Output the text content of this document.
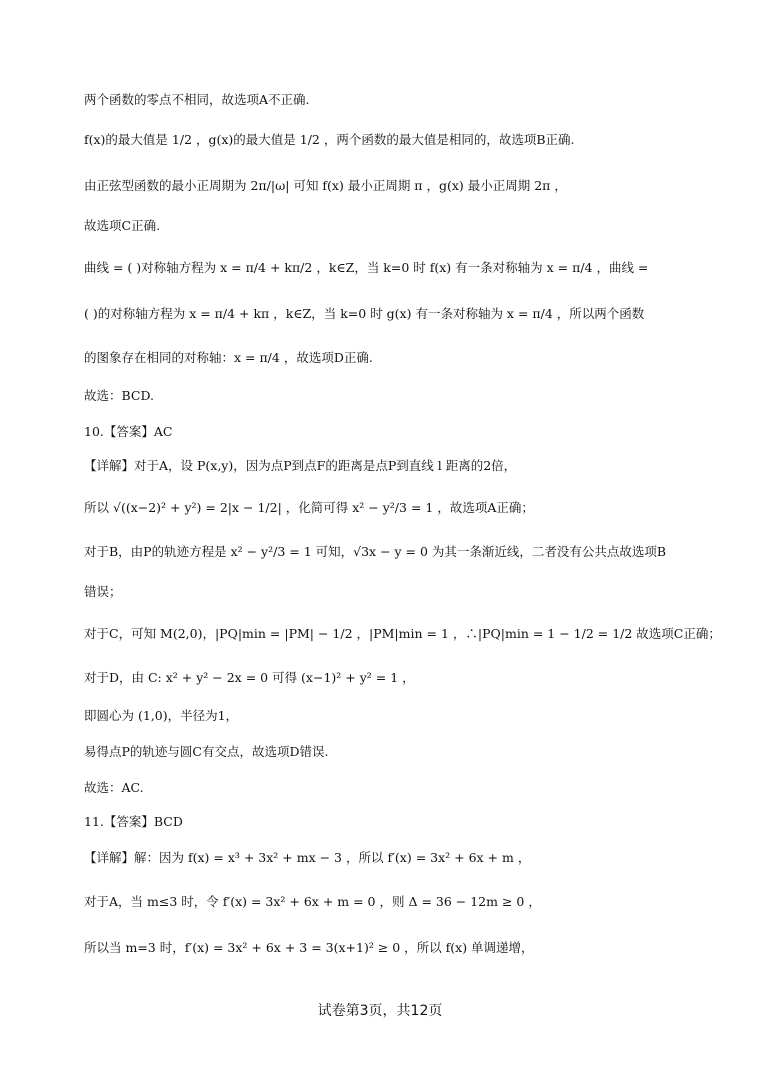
两个函数的零点不相同，故选项A不正确.
f(x)的最大值是 1/2 ，g(x)的最大值是 1/2 ，两个函数的最大值是相同的，故选项B正确.
由正弦型函数的最小正周期为 2π/|ω| 可知 f(x) 最小正周期 π ，g(x) 最小正周期 2π ，
故选项C正确.
曲线 = ( )对称轴方程为 x = π/4 + kπ/2 ，k∈Z，当 k=0 时 f(x) 有一条对称轴为 x = π/4 ，曲线 =
( )的对称轴方程为 x = π/4 + kπ ，k∈Z，当 k=0 时 g(x) 有一条对称轴为 x = π/4 ，所以两个函数
的图象存在相同的对称轴：x = π/4 ，故选项D正确.
故选：BCD.
10.【答案】AC
【详解】对于A，设 P(x,y)，因为点P到点F的距离是点P到直线 l 距离的2倍，
所以 √((x−2)² + y²) = 2|x − 1/2| ，化简可得 x² − y²/3 = 1 ，故选项A正确；
对于B，由P的轨迹方程是 x² − y²/3 = 1 可知，√3x − y = 0 为其一条渐近线，二者没有公共点故选项B
错误；
对于C，可知 M(2,0)，|PQ|min = |PM| − 1/2 ，|PM|min = 1 ，∴|PQ|min = 1 − 1/2 = 1/2 故选项C正确；
对于D，由 C: x² + y² − 2x = 0 可得 (x−1)² + y² = 1 ，
即圆心为 (1,0)，半径为1，
易得点P的轨迹与圆C有交点，故选项D错误.
故选：AC.
11.【答案】BCD
【详解】解：因为 f(x) = x³ + 3x² + mx − 3 ，所以 f′(x) = 3x² + 6x + m ，
对于A，当 m≤3 时，令 f′(x) = 3x² + 6x + m = 0 ，则 Δ = 36 − 12m ≥ 0 ，
所以当 m=3 时，f′(x) = 3x² + 6x + 3 = 3(x+1)² ≥ 0 ，所以 f(x) 单调递增，
试卷第3页，共12页
